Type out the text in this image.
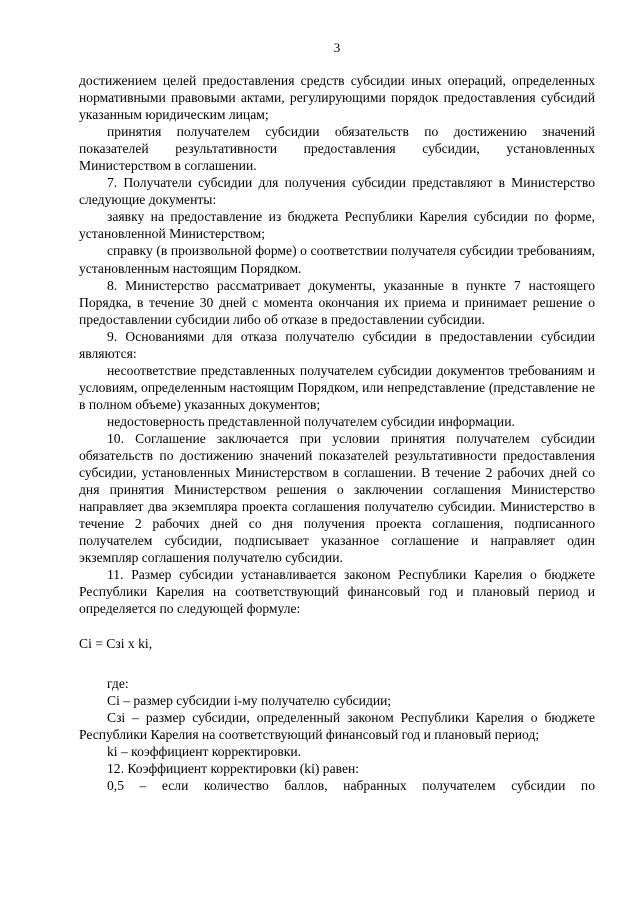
3

достижением целей предоставления средств субсидии иных операций, определенных нормативными правовыми актами, регулирующими порядок предоставления субсидий указанным юридическим лицам;

принятия получателем субсидии обязательств по достижению значений показателей результативности предоставления субсидии, установленных Министерством в соглашении.

7. Получатели субсидии для получения субсидии представляют в Министерство следующие документы:

заявку на предоставление из бюджета Республики Карелия субсидии по форме, установленной Министерством;

справку (в произвольной форме) о соответствии получателя субсидии требованиям, установленным настоящим Порядком.

8. Министерство рассматривает документы, указанные в пункте 7 настоящего Порядка, в течение 30 дней с момента окончания их приема и принимает решение о предоставлении субсидии либо об отказе в предоставлении субсидии.

9. Основаниями для отказа получателю субсидии в предоставлении субсидии являются:

несоответствие представленных получателем субсидии документов требованиям и условиям, определенным настоящим Порядком, или непредставление (представление не в полном объеме) указанных документов;

недостоверность представленной получателем субсидии информации.

10. Соглашение заключается при условии принятия получателем субсидии обязательств по достижению значений показателей результативности предоставления субсидии, установленных Министерством в соглашении. В течение 2 рабочих дней со дня принятия Министерством решения о заключении соглашения Министерство направляет два экземпляра проекта соглашения получателю субсидии. Министерство в течение 2 рабочих дней со дня получения проекта соглашения, подписанного получателем субсидии, подписывает указанное соглашение и направляет один экземпляр соглашения получателю субсидии.

11. Размер субсидии устанавливается законом Республики Карелия о бюджете Республики Карелия на соответствующий финансовый год и плановый период и определяется по следующей формуле:

Ci = Сзi x ki,

где:

Ci – размер субсидии i-му получателю субсидии;

Сзi – размер субсидии, определенный законом Республики Карелия о бюджете Республики Карелия на соответствующий финансовый год и плановый период;

ki – коэффициент корректировки.

12. Коэффициент корректировки (ki) равен:

0,5 – если количество баллов, набранных получателем субсидии по
